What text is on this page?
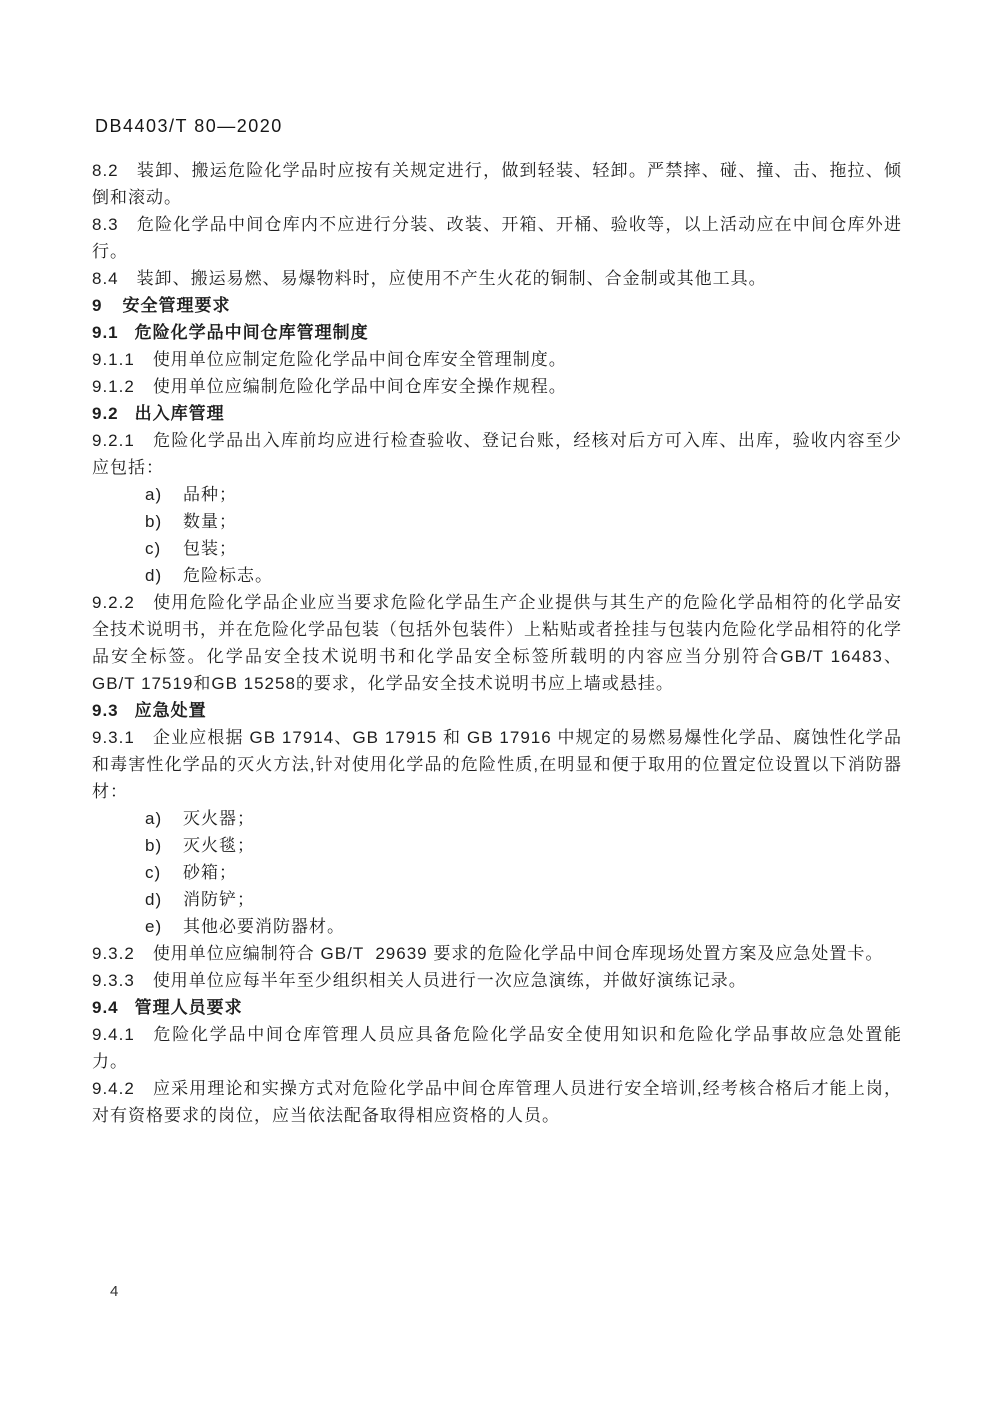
DB4403/T 80—2020

8.2 装卸、搬运危险化学品时应按有关规定进行，做到轻装、轻卸。严禁摔、碰、撞、击、拖拉、倾倒和滚动。

8.3 危险化学品中间仓库内不应进行分装、改装、开箱、开桶、验收等，以上活动应在中间仓库外进行。

8.4 装卸、搬运易燃、易爆物料时，应使用不产生火花的铜制、合金制或其他工具。

9 安全管理要求

9.1 危险化学品中间仓库管理制度

9.1.1 使用单位应制定危险化学品中间仓库安全管理制度。

9.1.2 使用单位应编制危险化学品中间仓库安全操作规程。

9.2 出入库管理

9.2.1 危险化学品出入库前均应进行检查验收、登记台账，经核对后方可入库、出库，验收内容至少应包括：

a) 品种；

b) 数量；

c) 包装；

d) 危险标志。

9.2.2 使用危险化学品企业应当要求危险化学品生产企业提供与其生产的危险化学品相符的化学品安全技术说明书，并在危险化学品包装（包括外包装件）上粘贴或者拴挂与包装内危险化学品相符的化学品安全标签。化学品安全技术说明书和化学品安全标签所载明的内容应当分别符合GB/T 16483、GB/T 17519和GB 15258的要求，化学品安全技术说明书应上墙或悬挂。

9.3 应急处置

9.3.1 企业应根据 GB 17914、GB 17915 和 GB 17916 中规定的易燃易爆性化学品、腐蚀性化学品和毒害性化学品的灭火方法,针对使用化学品的危险性质,在明显和便于取用的位置定位设置以下消防器材：

a) 灭火器；

b) 灭火毯；

c) 砂箱；

d) 消防铲；

e) 其他必要消防器材。

9.3.2 使用单位应编制符合 GB/T  29639 要求的危险化学品中间仓库现场处置方案及应急处置卡。

9.3.3 使用单位应每半年至少组织相关人员进行一次应急演练，并做好演练记录。

9.4 管理人员要求

9.4.1 危险化学品中间仓库管理人员应具备危险化学品安全使用知识和危险化学品事故应急处置能力。

9.4.2 应采用理论和实操方式对危险化学品中间仓库管理人员进行安全培训,经考核合格后才能上岗，对有资格要求的岗位，应当依法配备取得相应资格的人员。

4
